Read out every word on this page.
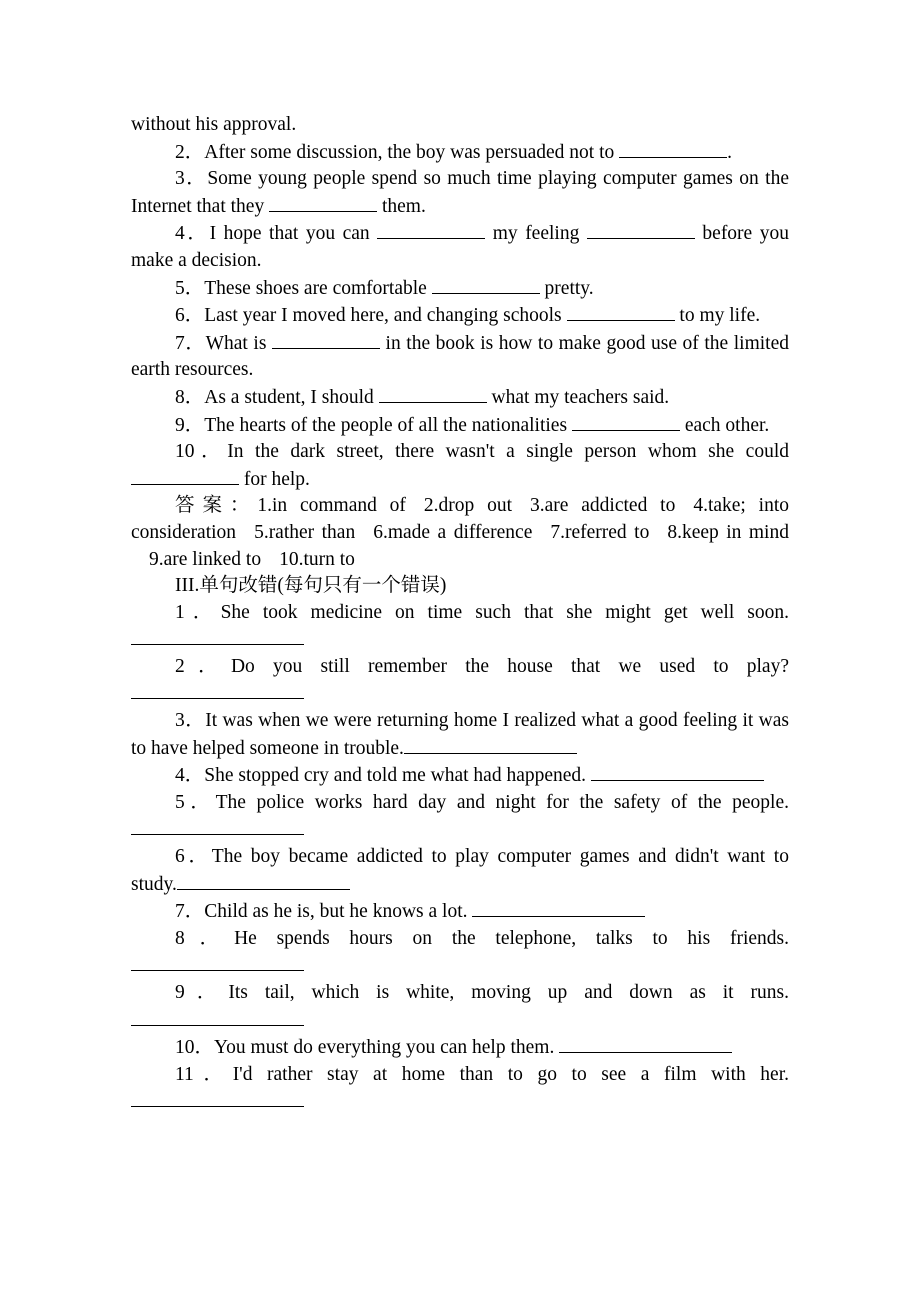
without his approval.

2．After some discussion, the boy was persuaded not to	.

3．Some young people spend so much time playing computer games on the Internet that they	them.

4．I hope that you can	my feeling	before you make a decision.

5．These shoes are comfortable	pretty.

6．Last year I moved here, and changing schools	to my life.

7．What is	in the book is how to make good use of the limited earth resources.

8．As a student, I should	what my teachers said.

9．The hearts of the people of all the nationalities	each other.

10．In the dark street, there wasn't a single person whom she could  for help.

答案：1.in command of 2.drop out 3.are addicted to 4.take; into consideration 5.rather than 6.made a difference 7.referred to 8.keep in mind9.are linked to 10.turn to

III.单句改错(每句只有一个错误)

1．She took medicine on time such that she might get well soon.

2．Do you still remember the house that we used to play?

3．It was when we were returning home I realized what a good feeling it was to have helped someone in trouble.

4．She stopped cry and told me what had happened.

5．The police works hard day and night for the safety of the people.

6．The boy became addicted to play computer games and didn't want to study.

7．Child as he is, but he knows a lot.

8．He spends hours on the telephone, talks to his friends.

9．Its tail, which is white, moving up and down as it runs.

10．You must do everything you can help them.

11．I'd rather stay at home than to go to see a film with her.
